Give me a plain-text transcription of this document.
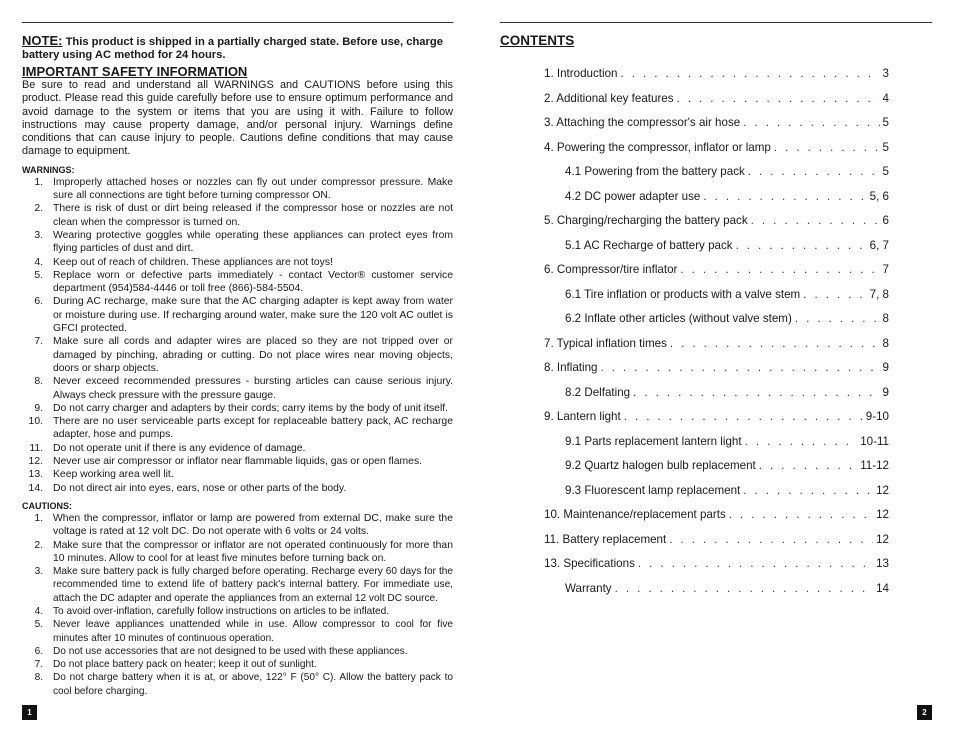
NOTE: This product is shipped in a partially charged state. Before use, charge battery using AC method for 24 hours.
IMPORTANT SAFETY INFORMATION

Be sure to read and understand all WARNINGS and CAUTIONS before using this product. Please read this guide carefully before use to ensure optimum performance and avoid damage to the system or items that you are using it with. Failure to follow instructions may cause property damage, and/or personal injury. Warnings define conditions that can cause injury to people. Cautions define conditions that may cause damage to equipment.

WARNINGS:
1. Improperly attached hoses or nozzles can fly out under compressor pressure. Make sure all connections are tight before turning compressor ON.
2. There is risk of dust or dirt being released if the compressor hose or nozzles are not clean when the compressor is turned on.
3. Wearing protective goggles while operating these appliances can protect eyes from flying particles of dust and dirt.
4. Keep out of reach of children. These appliances are not toys!
5. Replace worn or defective parts immediately - contact Vector® customer service department (954)584-4446 or toll free (866)-584-5504.
6. During AC recharge, make sure that the AC charging adapter is kept away from water or moisture during use. If recharging around water, make sure the 120 volt AC outlet is GFCI protected.
7. Make sure all cords and adapter wires are placed so they are not tripped over or damaged by pinching, abrading or cutting. Do not place wires near moving objects, doors or sharp objects.
8. Never exceed recommended pressures - bursting articles can cause serious injury. Always check pressure with the pressure gauge.
9. Do not carry charger and adapters by their cords; carry items by the body of unit itself.
10. There are no user serviceable parts except for replaceable battery pack, AC recharge adapter, hose and pumps.
11. Do not operate unit if there is any evidence of damage.
12. Never use air compressor or inflator near flammable liquids, gas or open flames.
13. Keep working area well lit.
14. Do not direct air into eyes, ears, nose or other parts of the body.
CAUTIONS:
1. When the compressor, inflator or lamp are powered from external DC, make sure the voltage is rated at 12 volt DC. Do not operate with 6 volts or 24 volts.
2. Make sure that the compressor or inflator are not operated continuously for more than 10 minutes. Allow to cool for at least five minutes before turning back on.
3. Make sure battery pack is fully charged before operating. Recharge every 60 days for the recommended time to extend life of battery pack's internal battery. For immediate use, attach the DC adapter and operate the appliances from an external 12 volt DC source.
4. To avoid over-inflation, carefully follow instructions on articles to be inflated.
5. Never leave appliances unattended while in use. Allow compressor to cool for five minutes after 10 minutes of continuous operation.
6. Do not use accessories that are not designed to be used with these appliances.
7. Do not place battery pack on heater; keep it out of sunlight.
8. Do not charge battery when it is at, or above, 122° F (50° C). Allow the battery pack to cool before charging.
CONTENTS
1. Introduction . . .	3
2. Additional key features . . .	4
3. Attaching the compressor's air hose . . .	5
4. Powering the compressor, inflator or lamp . . .	5
4.1 Powering from the battery pack . . .	5
4.2 DC power adapter use . . .	5, 6
5. Charging/recharging the battery pack . . .	6
5.1 AC Recharge of battery pack . . .	6, 7
6. Compressor/tire inflator . . .	7
6.1 Tire inflation or products with a valve stem . . .	7, 8
6.2 Inflate other articles (without valve stem) . . .	8
7. Typical inflation times . . .	8
8. Inflating . . .	9
8.2 Delfating . . .	9
9. Lantern light . . .	9-10
9.1 Parts replacement lantern light . . .	10-11
9.2 Quartz halogen bulb replacement . . .	11-12
9.3 Fluorescent lamp replacement . . .	12
10. Maintenance/replacement parts . . .	12
11. Battery replacement . . .	12
13. Specifications . . .	13
Warranty . . .	14
1	2
